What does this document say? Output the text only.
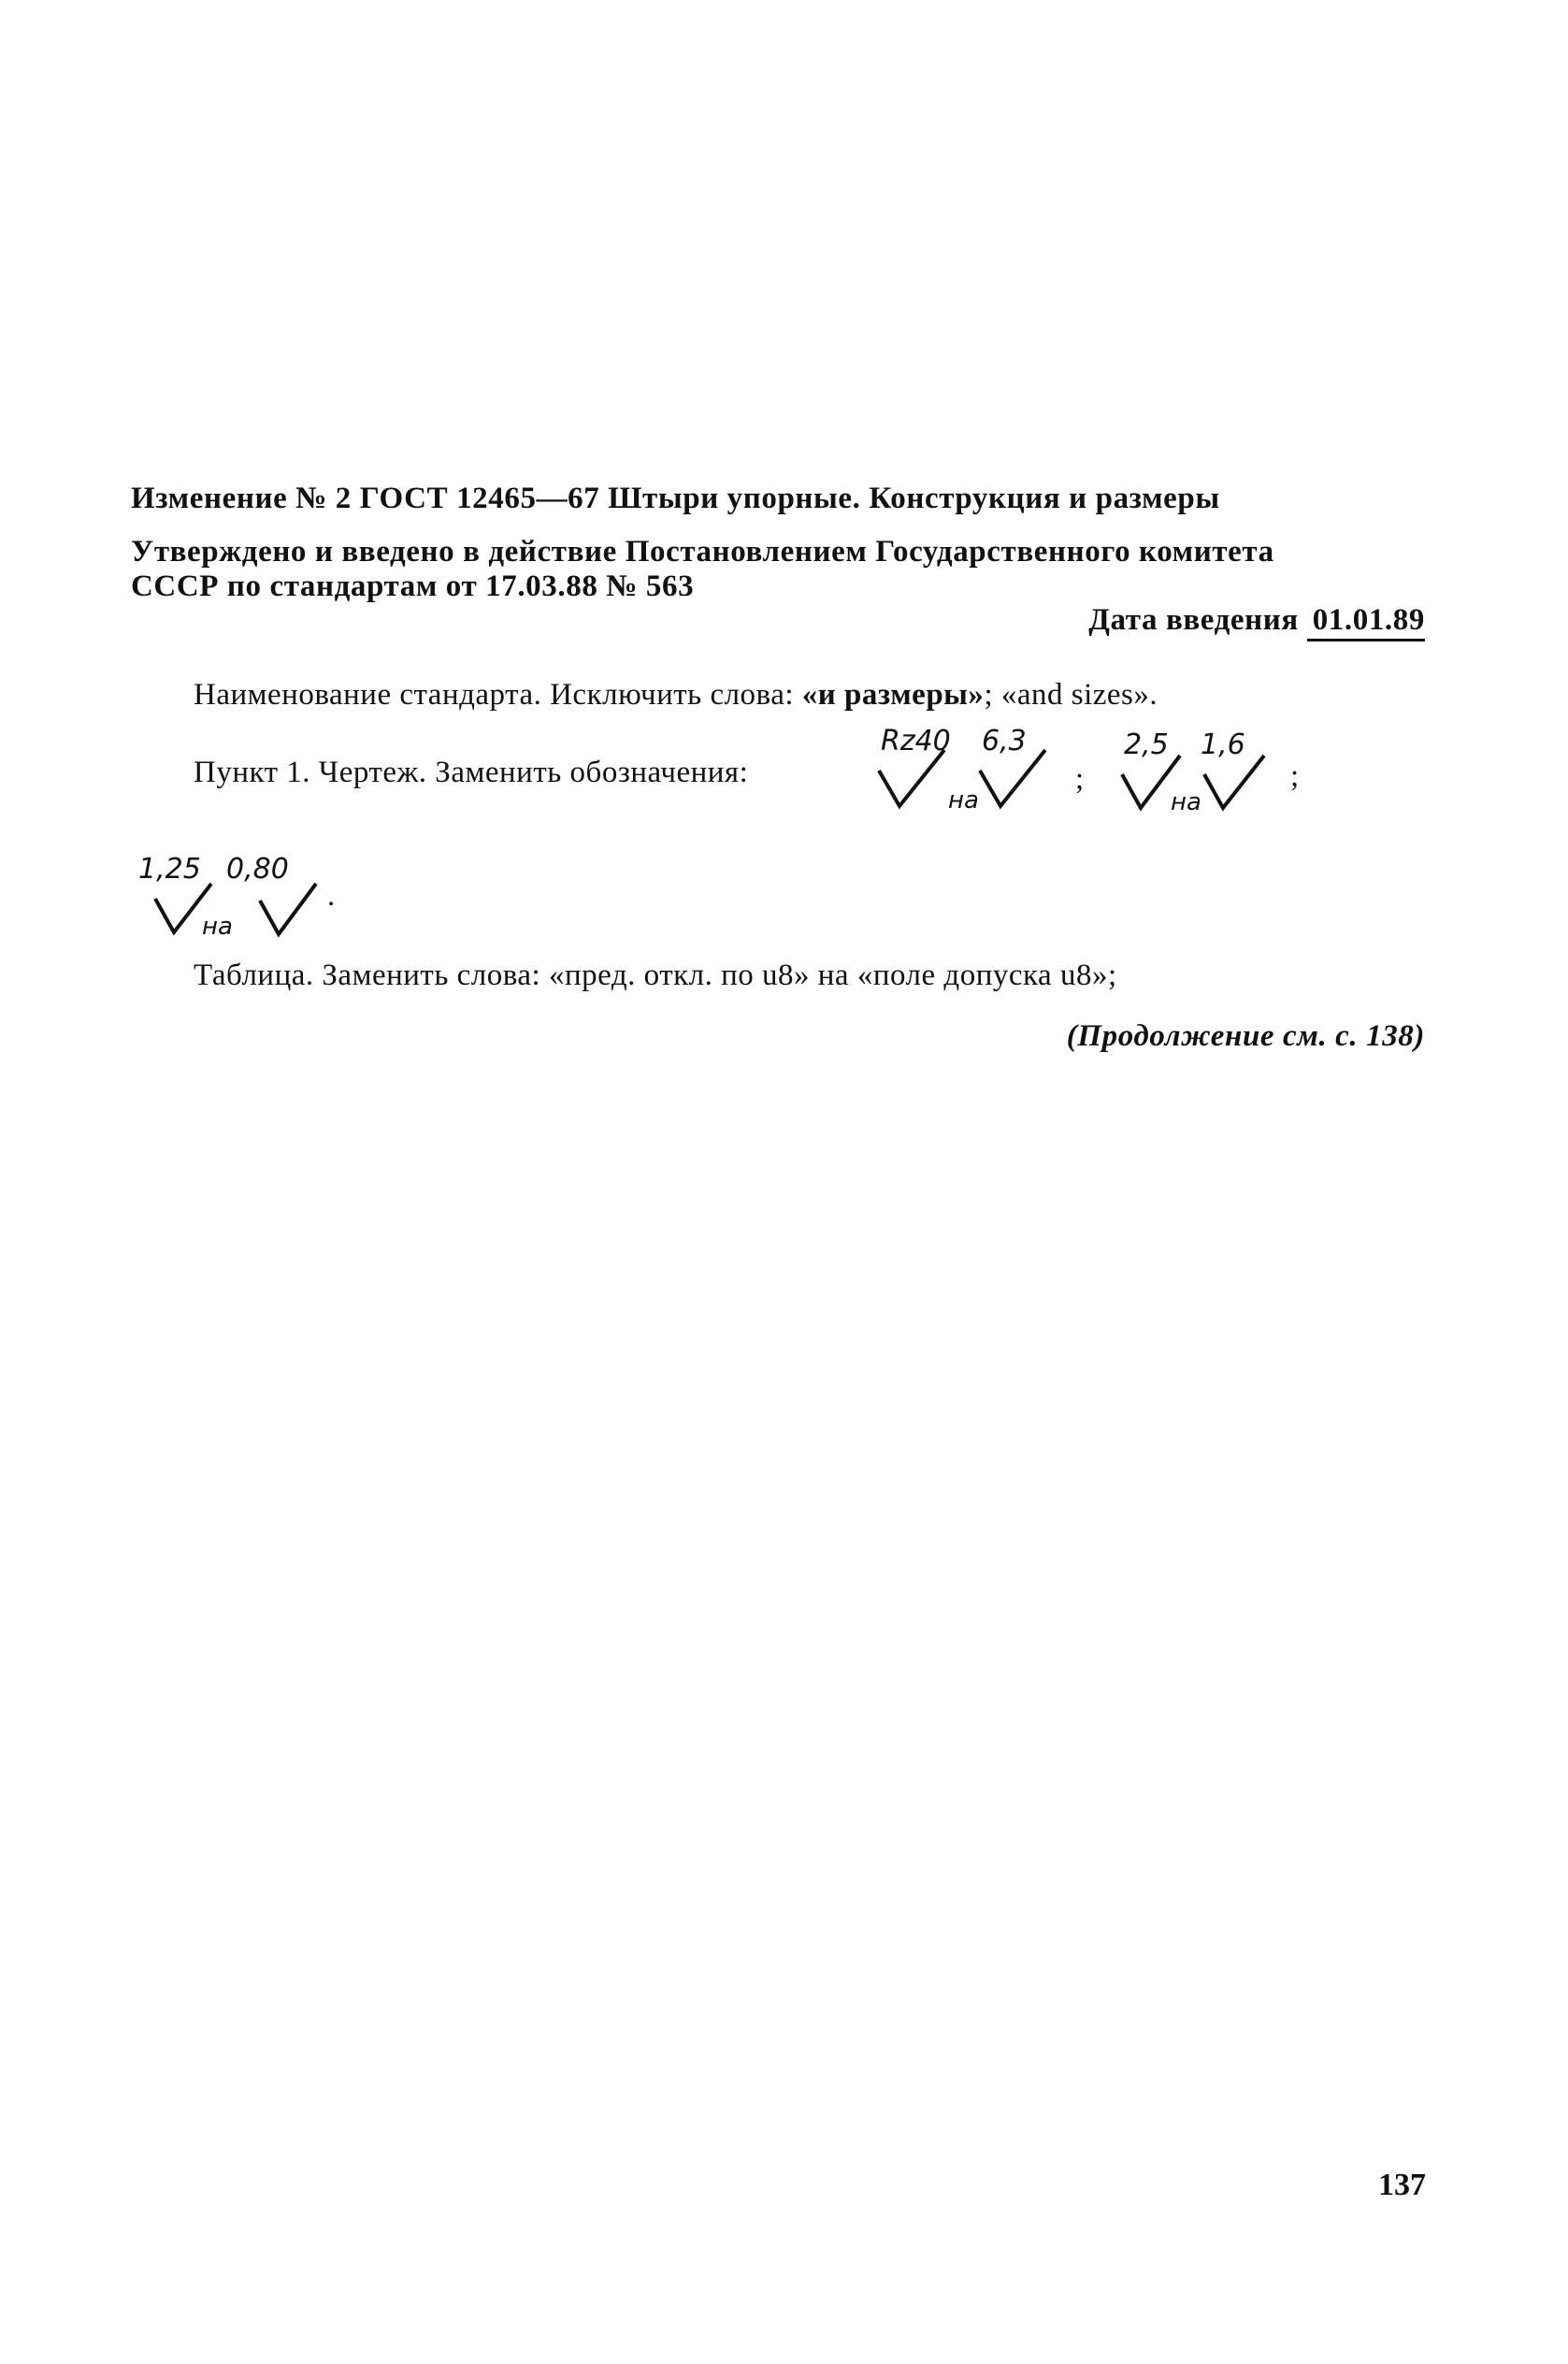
Изменение № 2 ГОСТ 12465—67 Штыри упорные. Конструкция и размеры
Утверждено и введено в действие Постановлением Государственного комитета
СССР по стандартам от 17.03.88 № 563
Дата введения 01.01.89
Наименование стандарта. Исключить слова: «и размеры»; «and sizes».
Пункт 1. Чертеж. Заменить обозначения:
Rz40 6,3
на
;
2,5 1,6
на
;
1,25 0,80
на
.
Таблица. Заменить слова: «пред. откл. по u8» на «поле допуска u8»;
(Продолжение см. с. 138)
137
